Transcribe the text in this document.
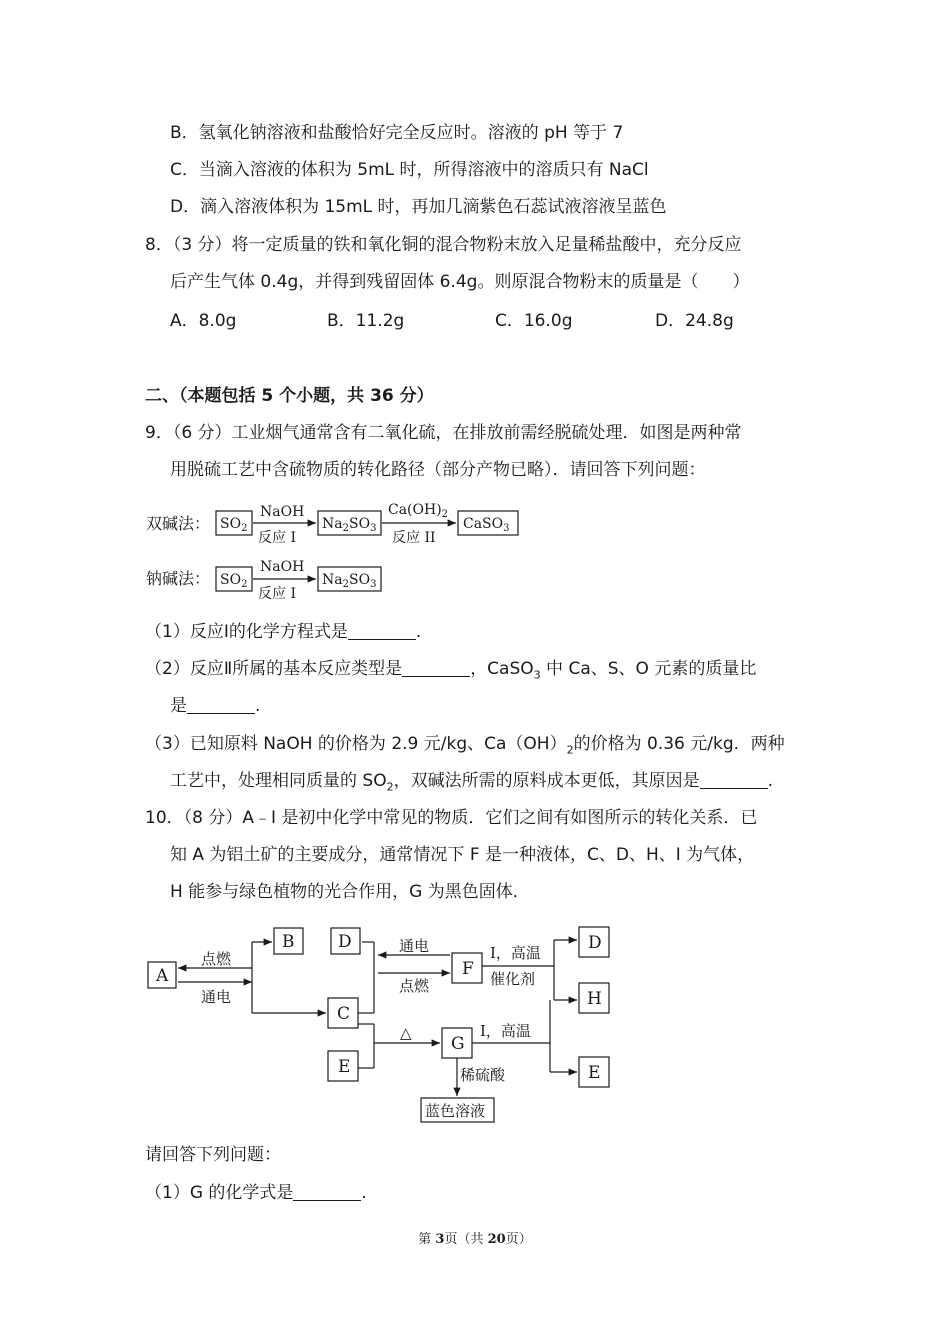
B．氢氧化钠溶液和盐酸恰好完全反应时。溶液的 pH 等于 7
C．当滴入溶液的体积为 5mL 时，所得溶液中的溶质只有 NaCl
D．滴入溶液体积为 15mL 时，再加几滴紫色石蕊试液溶液呈蓝色
8．（3 分）将一定质量的铁和氧化铜的混合物粉末放入足量稀盐酸中，充分反应
后产生气体 0.4g，并得到残留固体 6.4g。则原混合物粉末的质量是（　　）
A．8.0g	B．11.2g	C．16.0g	D．24.8g
二、（本题包括 5 个小题，共 36 分）
9．（6 分）工业烟气通常含有二氧化硫，在排放前需经脱硫处理．如图是两种常
用脱硫工艺中含硫物质的转化路径（部分产物已略）．请回答下列问题：
双碱法： $SO_2$
NaOH
反应 I
$Na_2SO_3$
$Ca(OH)_2$
反应 II
CaSO$_3$
钠碱法： $SO_2$
NaOH
反应 I
$Na_2SO_3$
（1）反应Ⅰ的化学方程式是	.
（2）反应Ⅱ所属的基本反应类型是	，CaSO$_3$ 中 Ca、S、O 元素的质量比
是	.
（3）已知原料 NaOH 的价格为 2.9 元/kg、$Ca(OH)_2$的价格为 0.36 元/kg．两种
工艺中，处理相同质量的 $SO_2$，双碱法所需的原料成本更低，其原因是	.
10．（8 分）A﹣I 是初中化学中常见的物质．它们之间有如图所示的转化关系．已
知 A 为铝土矿的主要成分，通常情况下 F 是一种液体，C、D、H、I 为气体，
H 能参与绿色植物的光合作用，G 为黑色固体．
A
B
C
E
D
F
D
H
E
G
点燃
通电
通电
点燃
I，高温
催化剂
△	I，高温
稀硫酸
蓝色溶液
请回答下列问题：
（1）G 的化学式是	.
第 3页（共 20页）
